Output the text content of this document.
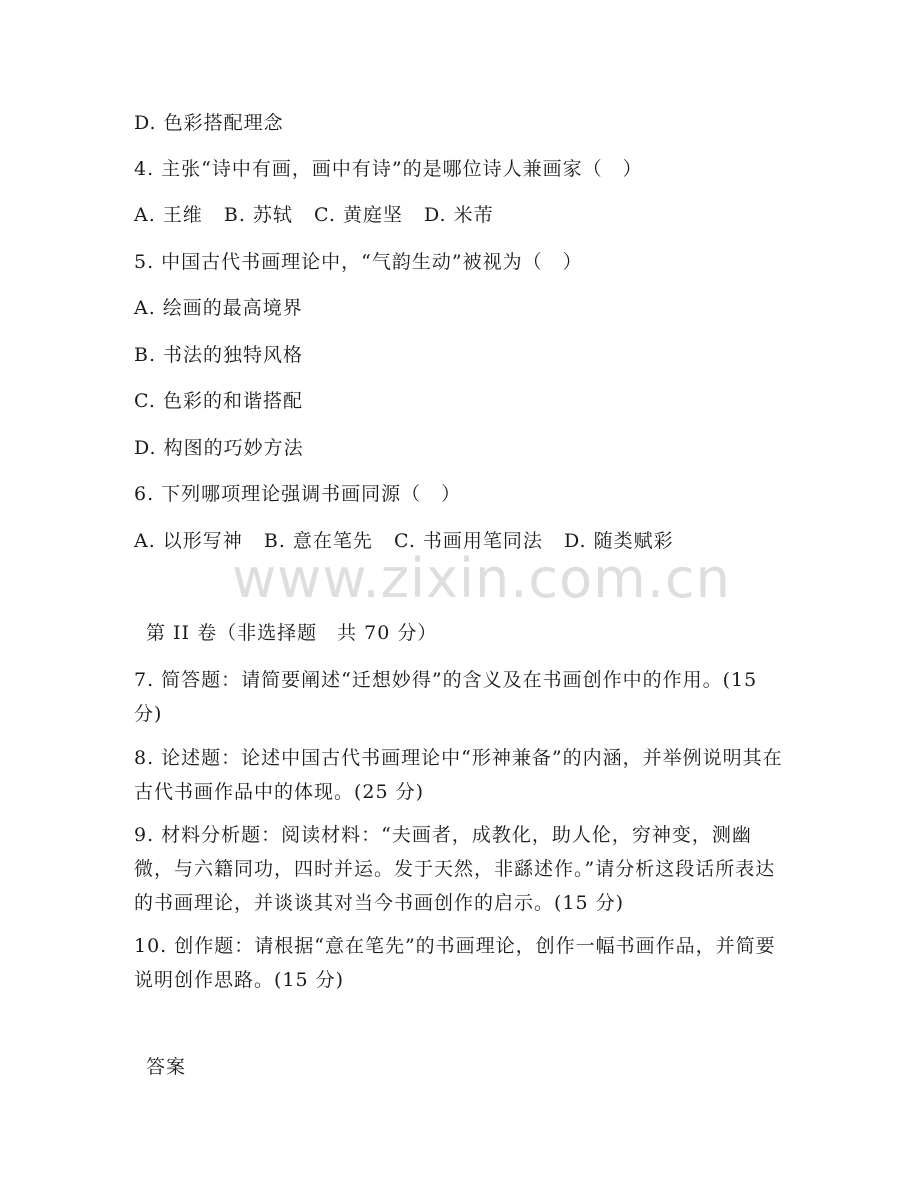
D. 色彩搭配理念
4. 主张“诗中有画，画中有诗”的是哪位诗人兼画家（　）
A. 王维 B. 苏轼 C. 黄庭坚 D. 米芾
5. 中国古代书画理论中，“气韵生动”被视为（　）
A. 绘画的最高境界
B. 书法的独特风格
C. 色彩的和谐搭配
D. 构图的巧妙方法
6. 下列哪项理论强调书画同源（　）
A. 以形写神 B. 意在笔先 C. 书画用笔同法 D. 随类赋彩
www.zixin.com.cn
第 II 卷（非选择题　共 70 分）
7. 简答题：请简要阐述“迁想妙得”的含义及在书画创作中的作用。(15 分)
8. 论述题：论述中国古代书画理论中“形神兼备”的内涵，并举例说明其在古代书画作品中的体现。(25 分)
9. 材料分析题：阅读材料：“夫画者，成教化，助人伦，穷神变，测幽微，与六籍同功，四时并运。发于天然，非繇述作。”请分析这段话所表达的书画理论，并谈谈其对当今书画创作的启示。(15 分)
10. 创作题：请根据“意在笔先”的书画理论，创作一幅书画作品，并简要说明创作思路。(15 分)
答案
